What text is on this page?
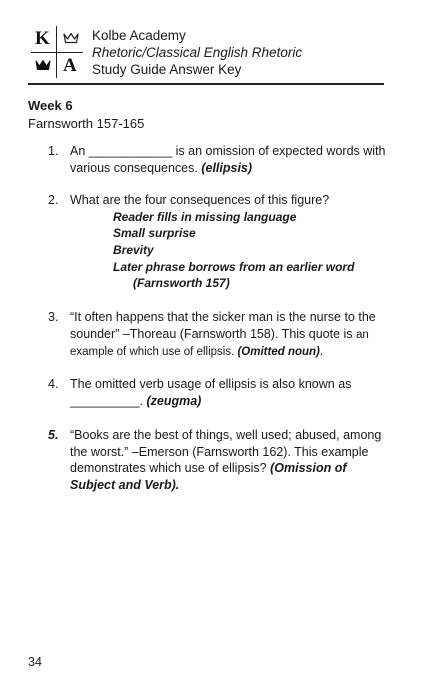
K
A
Kolbe Academy
Rhetoric/Classical English Rhetoric
Study Guide Answer Key
Week 6
Farnsworth 157-165
1. An ____________ is an omission of expected words with various consequences. (ellipsis)
2. What are the four consequences of this figure?
Reader fills in missing language
Small surprise
Brevity
Later phrase borrows from an earlier word
(Farnsworth 157)
3. “It often happens that the sicker man is the nurse to the sounder” –Thoreau (Farnsworth 158). This quote is an example of which use of ellipsis. (Omitted noun).
4. The omitted verb usage of ellipsis is also known as __________. (zeugma)
5. “Books are the best of things, well used; abused, among the worst.” –Emerson (Farnsworth 162). This example demonstrates which use of ellipsis? (Omission of Subject and Verb).
34
